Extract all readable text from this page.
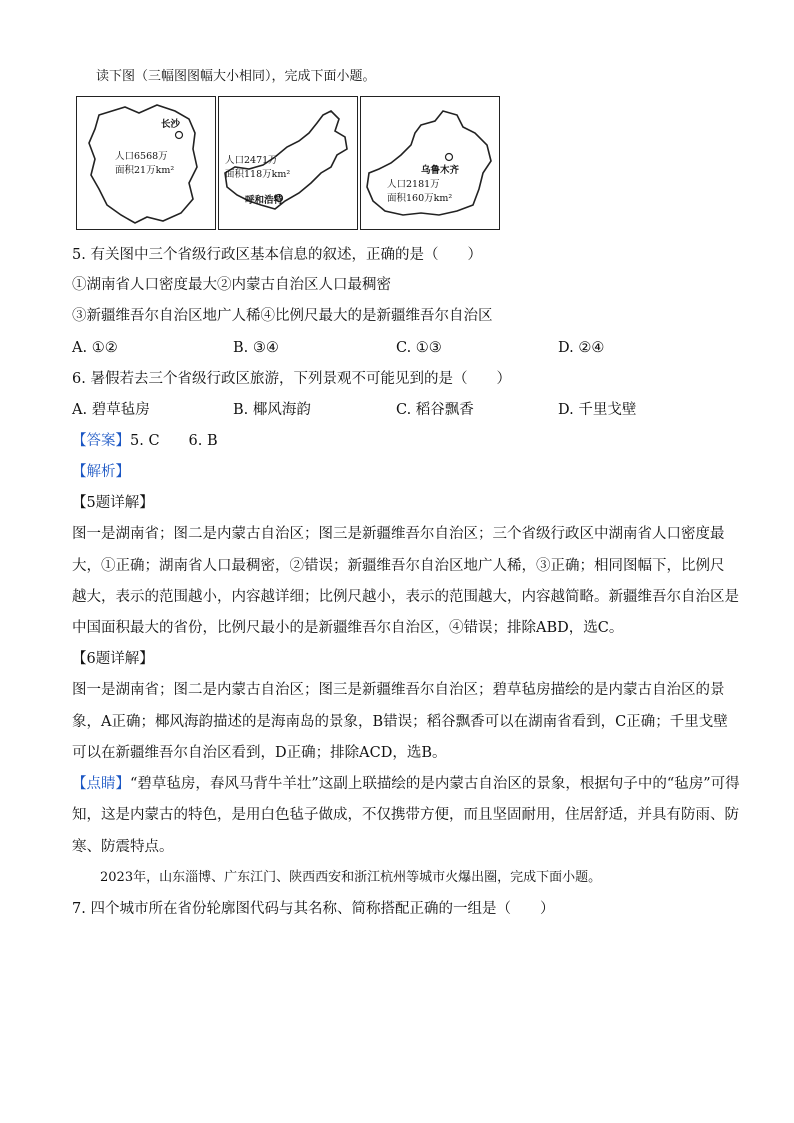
读下图（三幅图图幅大小相同），完成下面小题。
长沙
人口6568万
面积21万km²
人口2471万
面积118万km²
呼和浩特
乌鲁木齐
人口2181万
面积160万km²
5. 有关图中三个省级行政区基本信息的叙述，正确的是（　　）
①湖南省人口密度最大②内蒙古自治区人口最稠密
③新疆维吾尔自治区地广人稀④比例尺最大的是新疆维吾尔自治区
A. ①②	B. ③④	C. ①③	D. ②④
6. 暑假若去三个省级行政区旅游，下列景观不可能见到的是（　　）
A. 碧草毡房	B. 椰风海韵	C. 稻谷飘香	D. 千里戈壁
【答案】5. C　　6. B
【解析】
【5题详解】
图一是湖南省；图二是内蒙古自治区；图三是新疆维吾尔自治区；三个省级行政区中湖南省人口密度最
大，①正确；湖南省人口最稠密，②错误；新疆维吾尔自治区地广人稀，③正确；相同图幅下，比例尺
越大，表示的范围越小，内容越详细；比例尺越小，表示的范围越大，内容越简略。新疆维吾尔自治区是
中国面积最大的省份，比例尺最小的是新疆维吾尔自治区，④错误；排除ABD，选C。
【6题详解】
图一是湖南省；图二是内蒙古自治区；图三是新疆维吾尔自治区；碧草毡房描绘的是内蒙古自治区的景
象，A正确；椰风海韵描述的是海南岛的景象，B错误；稻谷飘香可以在湖南省看到，C正确；千里戈壁
可以在新疆维吾尔自治区看到，D正确；排除ACD，选B。
【点睛】“碧草毡房，春风马背牛羊壮”这副上联描绘的是内蒙古自治区的景象，根据句子中的“毡房”可得
知，这是内蒙古的特色，是用白色毡子做成，不仅携带方便，而且坚固耐用，住居舒适，并具有防雨、防
寒、防震特点。
2023年，山东淄博、广东江门、陕西西安和浙江杭州等城市火爆出圈，完成下面小题。
7. 四个城市所在省份轮廓图代码与其名称、简称搭配正确的一组是（　　）
